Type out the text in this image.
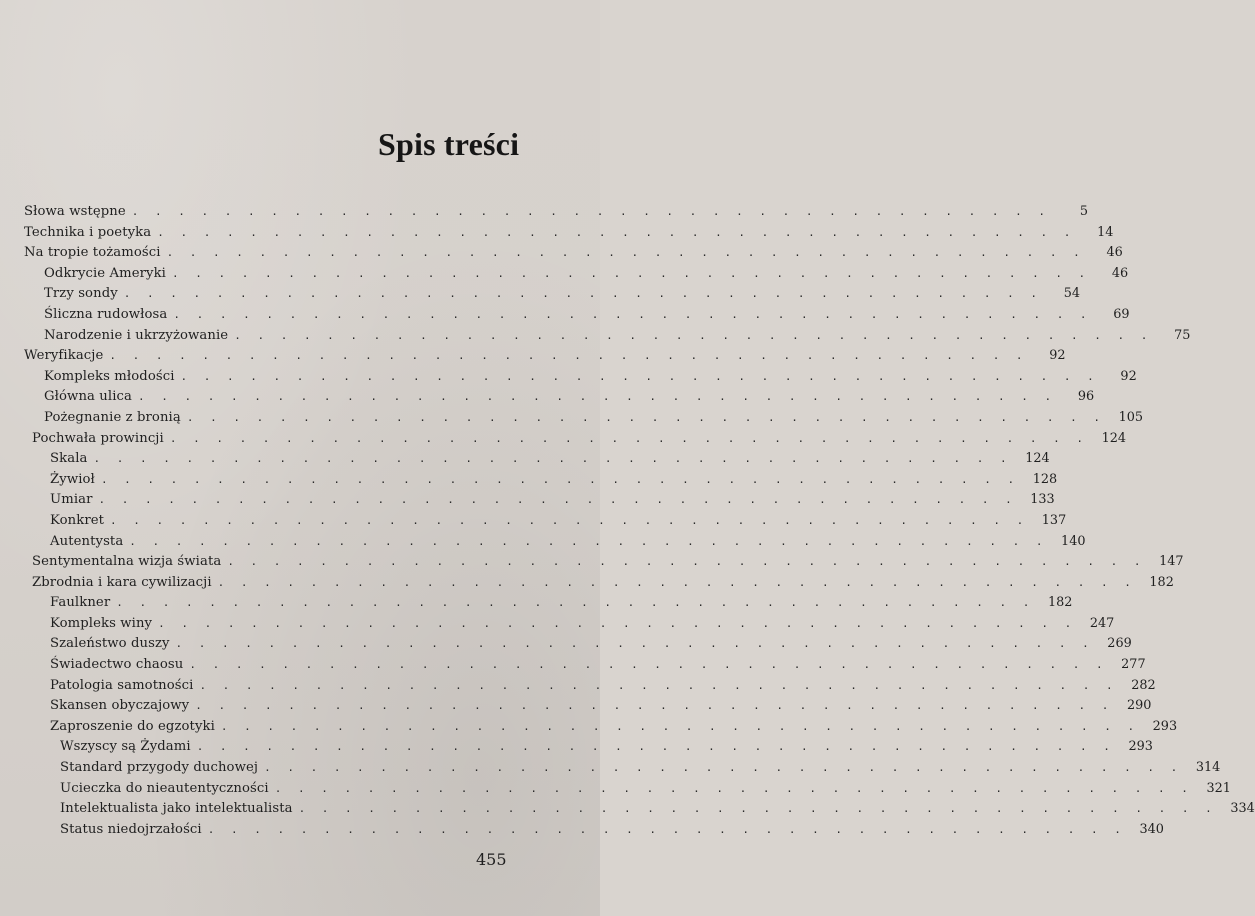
Spis treści
Słowa wstępne . . . . . . . . . . . . . . . . . . . . . . . . . . . . . . . . . . . . . . . .	5
Technika i poetyka . . . . . . . . . . . . . . . . . . . . . . . . . . . . . . . . . . . . . . . .	14
Na tropie tożamości . . . . . . . . . . . . . . . . . . . . . . . . . . . . . . . . . . . . . . . .	46
Odkrycie Ameryki . . . . . . . . . . . . . . . . . . . . . . . . . . . . . . . . . . . . . . . .	46
Trzy sondy . . . . . . . . . . . . . . . . . . . . . . . . . . . . . . . . . . . . . . . .	54
Śliczna rudowłosa . . . . . . . . . . . . . . . . . . . . . . . . . . . . . . . . . . . . . . . .	69
Narodzenie i ukrzyżowanie . . . . . . . . . . . . . . . . . . . . . . . . . . . . . . . . . . . . . . . .	75
Weryfikacje . . . . . . . . . . . . . . . . . . . . . . . . . . . . . . . . . . . . . . . .	92
Kompleks młodości . . . . . . . . . . . . . . . . . . . . . . . . . . . . . . . . . . . . . . . .	92
Główna ulica . . . . . . . . . . . . . . . . . . . . . . . . . . . . . . . . . . . . . . . .	96
Pożegnanie z bronią . . . . . . . . . . . . . . . . . . . . . . . . . . . . . . . . . . . . . . . .	105
Pochwała prowincji . . . . . . . . . . . . . . . . . . . . . . . . . . . . . . . . . . . . . . . .	124
Skala . . . . . . . . . . . . . . . . . . . . . . . . . . . . . . . . . . . . . . . .	124
Żywioł . . . . . . . . . . . . . . . . . . . . . . . . . . . . . . . . . . . . . . . .	128
Umiar . . . . . . . . . . . . . . . . . . . . . . . . . . . . . . . . . . . . . . . .	133
Konkret . . . . . . . . . . . . . . . . . . . . . . . . . . . . . . . . . . . . . . . .	137
Autentysta . . . . . . . . . . . . . . . . . . . . . . . . . . . . . . . . . . . . . . . .	140
Sentymentalna wizja świata . . . . . . . . . . . . . . . . . . . . . . . . . . . . . . . . . . . . . . . .	147
Zbrodnia i kara cywilizacji . . . . . . . . . . . . . . . . . . . . . . . . . . . . . . . . . . . . . . . .	182
Faulkner . . . . . . . . . . . . . . . . . . . . . . . . . . . . . . . . . . . . . . . .	182
Kompleks winy . . . . . . . . . . . . . . . . . . . . . . . . . . . . . . . . . . . . . . . .	247
Szaleństwo duszy . . . . . . . . . . . . . . . . . . . . . . . . . . . . . . . . . . . . . . . .	269
Świadectwo chaosu . . . . . . . . . . . . . . . . . . . . . . . . . . . . . . . . . . . . . . . .	277
Patologia samotności . . . . . . . . . . . . . . . . . . . . . . . . . . . . . . . . . . . . . . . .	282
Skansen obyczajowy . . . . . . . . . . . . . . . . . . . . . . . . . . . . . . . . . . . . . . . .	290
Zaproszenie do egzotyki . . . . . . . . . . . . . . . . . . . . . . . . . . . . . . . . . . . . . . . .	293
Wszyscy są Żydami . . . . . . . . . . . . . . . . . . . . . . . . . . . . . . . . . . . . . . . .	293
Standard przygody duchowej . . . . . . . . . . . . . . . . . . . . . . . . . . . . . . . . . . . . . . . .	314
Ucieczka do nieautentyczności . . . . . . . . . . . . . . . . . . . . . . . . . . . . . . . . . . . . . . . .	321
Intelektualista jako intelektualista . . . . . . . . . . . . . . . . . . . . . . . . . . . . . . . . . . . . . . . .	334
Status niedojrzałości . . . . . . . . . . . . . . . . . . . . . . . . . . . . . . . . . . . . . . . .	340
455
